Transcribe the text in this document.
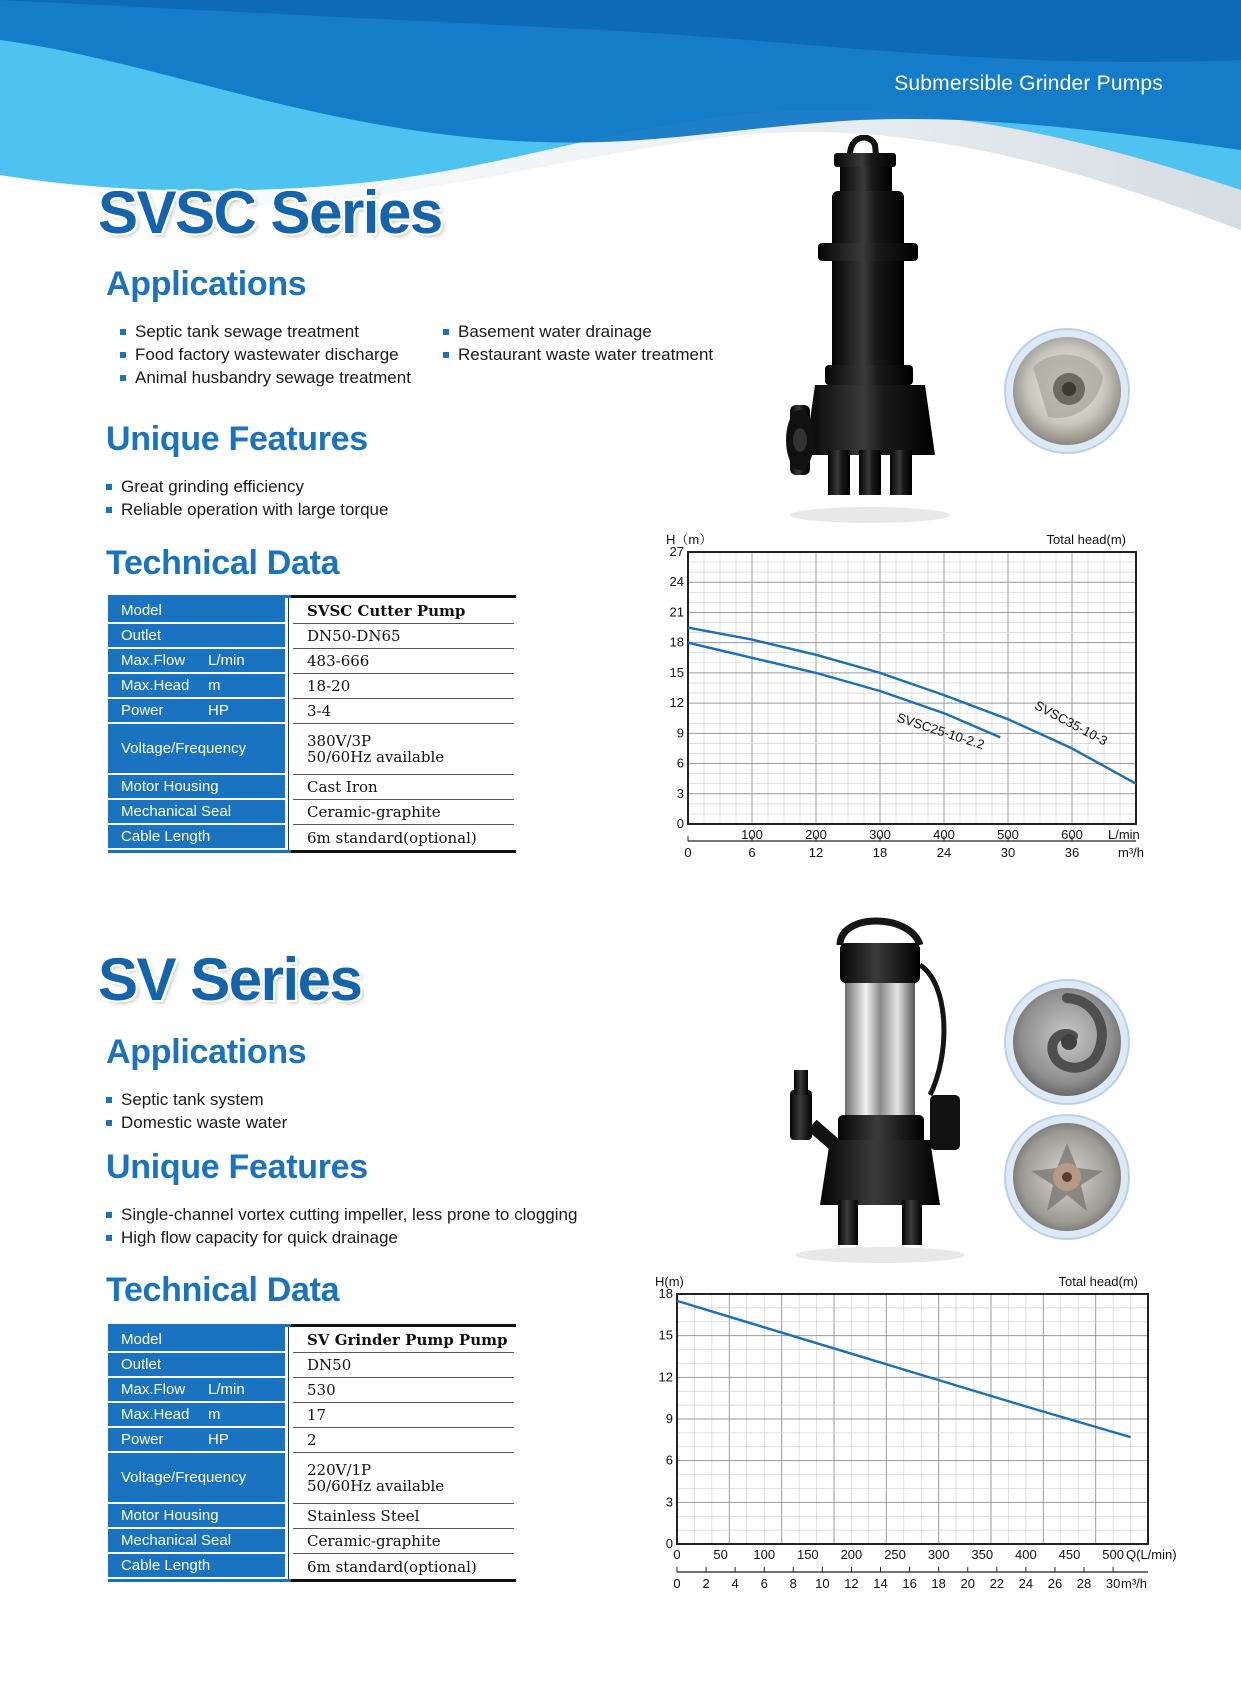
Submersible Grinder Pumps
SVSC Series
Applications
Septic tank sewage treatment
Food factory wastewater discharge
Animal husbandry sewage treatment
Basement water drainage
Restaurant waste water treatment
Unique Features
Great grinding efficiency
Reliable operation with large torque
Technical Data
Model	SVSC Cutter Pump
Outlet	DN50-DN65
Max.Flow L/min	483-666
Max.Head m	18-20
Power	HP	3-4
Voltage/Frequency	380V/3P
50/60Hz available
Motor Housing	Cast Iron
Mechanical Seal	Ceramic-graphite
Cable Length	6m standard(optional)
0
3
6
9
12
15
18
21
24
27
H（m）	Total head(m)
100	200	300	400	500	600 L/min
0	6	12	18	24	30	36	m³/h
SVSC25-10-2.2	SVSC35-10-3
SV Series
Applications
Septic tank system
Domestic waste water
Unique Features
Single-channel vortex cutting impeller, less prone to clogging
High flow capacity for quick drainage
Technical Data
Model	SV Grinder Pump Pump
Outlet	DN50
Max.Flow L/min	530
Max.Head m	17
Power	HP	2
Voltage/Frequency	220V/1P
50/60Hz available
Motor Housing	Stainless Steel
Mechanical Seal	Ceramic-graphite
Cable Length	6m standard(optional)
0
3
6
9
12
15
18
H(m)	Total head(m)
0	50 100 150 200 250 300 350 400 450 500 Q(L/min)
0 2 4 6 8 10 12 14 16 18 20 22 24 26 28 30 m³/h
